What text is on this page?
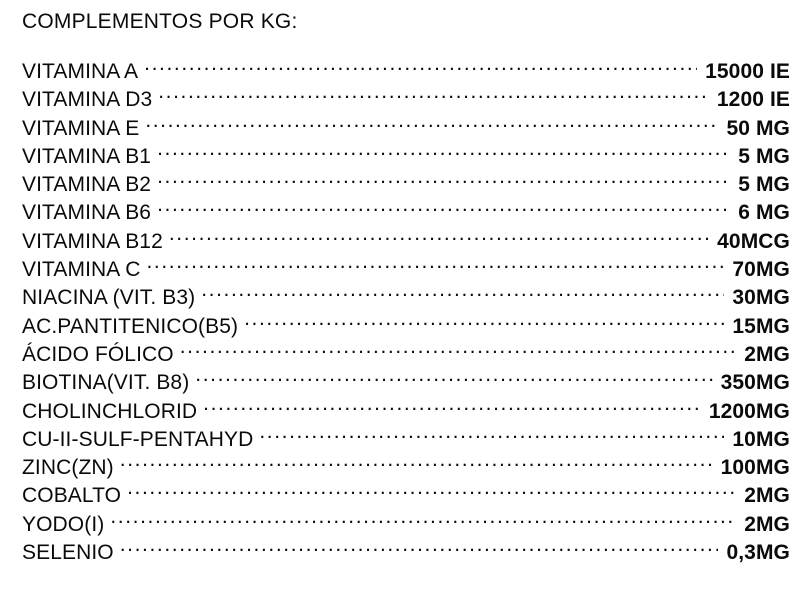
COMPLEMENTOS POR KG:
VITAMINA A .....	15000 IE
VITAMINA D3 .....	1200 IE
VITAMINA E .....	50 MG
VITAMINA B1 .....	5 MG
VITAMINA B2 .....	5 MG
VITAMINA B6 .....	6 MG
VITAMINA B12 .....	40MCG
VITAMINA C .....	70MG
NIACINA (VIT. B3) .....	30MG
AC.PANTITENICO(B5) .....	15MG
ÁCIDO FÓLICO .....	2MG
BIOTINA(VIT. B8) .....	350MG
CHOLINCHLORID .....	1200MG
CU-II-SULF-PENTAHYD .....	10MG
ZINC(ZN) .....	100MG
COBALTO .....	2MG
YODO(I) .....	2MG
SELENIO .....	0,3MG
